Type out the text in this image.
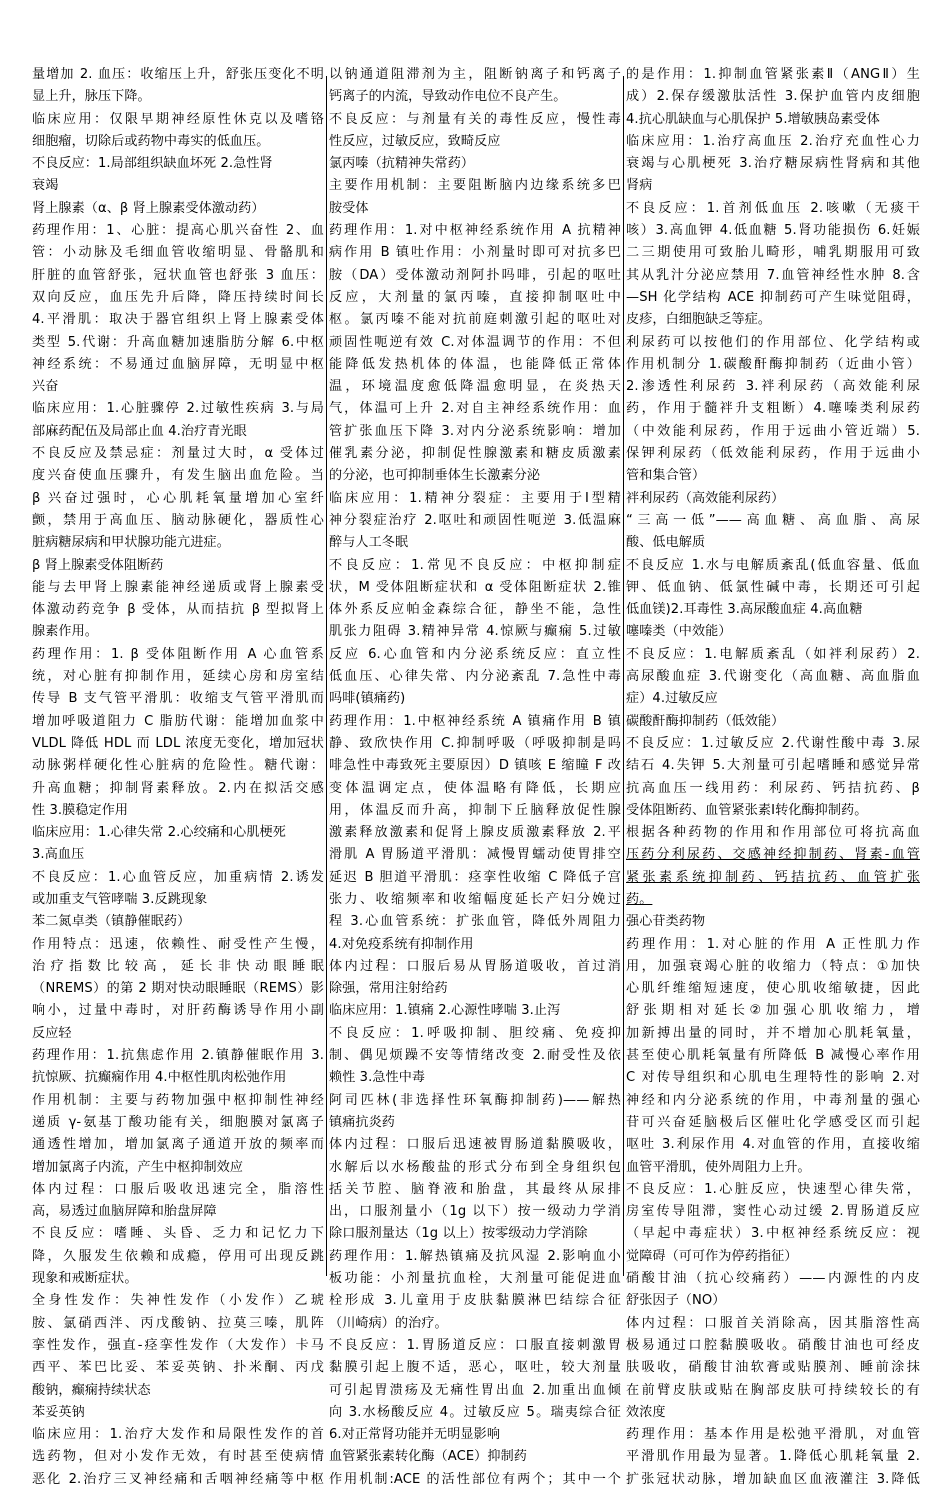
量增加 2. 血压：收缩压上升，舒张压变化不明
显上升，脉压下降。
临床应用：仅限早期神经原性休克以及嗜铬
细胞瘤，切除后或药物中毒实的低血压。
不良反应：1.局部组织缺血坏死 2.急性肾
衰竭
肾上腺素（α、β 肾上腺素受体激动药）
药理作用：1、心脏：提高心肌兴奋性 2、血
管：小动脉及毛细血管收缩明显、骨骼肌和
肝脏的血管舒张，冠状血管也舒张 3 血压：
双向反应，血压先升后降，降压持续时间长
4.平滑肌：取决于器官组织上肾上腺素受体
类型 5.代谢：升高血糖加速脂肪分解 6.中枢
神经系统：不易通过血脑屏障，无明显中枢
兴奋
临床应用：1.心脏骤停 2.过敏性疾病 3.与局
部麻药配伍及局部止血 4.治疗青光眼
不良反应及禁忌症：剂量过大时，α 受体过
度兴奋使血压骤升，有发生脑出血危险。当
β 兴奋过强时，心心肌耗氧量增加心室纤
颤，禁用于高血压、脑动脉硬化，器质性心
脏病糖尿病和甲状腺功能亢进症。
β 肾上腺素受体阻断药
能与去甲肾上腺素能神经递质或肾上腺素受
体激动药竞争 β 受体，从而拮抗 β 型拟肾上
腺素作用。
药理作用：1. β 受体阻断作用 A 心血管系
统，对心脏有抑制作用，延续心房和房室结
传导 B 支气管平滑肌：收缩支气管平滑肌而
增加呼吸道阻力 C 脂肪代谢：能增加血浆中
VLDL 降低 HDL 而 LDL 浓度无变化，增加冠状
动脉粥样硬化性心脏病的危险性。糖代谢：
升高血糖；抑制肾素释放。2.内在拟活交感
性 3.膜稳定作用
临床应用：1.心律失常 2.心绞痛和心肌梗死
3.高血压
不良反应：1.心血管反应，加重病情 2.诱发
或加重支气管哮喘 3.反跳现象
苯二氮卓类（镇静催眠药）
作用特点：迅速，依赖性、耐受性产生慢，
治疗指数比较高，延长非快动眼睡眠
（NREMS）的第 2 期对快动眼睡眠（REMS）影
响小，过量中毒时，对肝药酶诱导作用小副
反应轻
药理作用：1.抗焦虑作用 2.镇静催眠作用 3.
抗惊厥、抗癫痫作用 4.中枢性肌肉松弛作用
作用机制：主要与药物加强中枢抑制性神经
递质 γ-氨基丁酸功能有关，细胞膜对氯离子
通透性增加，增加氯离子通道开放的频率而
增加氯离子内流，产生中枢抑制效应
体内过程：口服后吸收迅速完全，脂溶性
高，易透过血脑屏障和胎盘屏障
不良反应：嗜睡、头昏、乏力和记忆力下
降，久服发生依赖和成瘾，停用可出现反跳
现象和戒断症状。
全身性发作：失神性发作（小发作）乙琥
胺、氯硝西泮、丙戊酸钠、拉莫三嗪，肌阵
挛性发作，强直-痉挛性发作（大发作）卡马
西平、苯巴比妥、苯妥英钠、扑米酮、丙戊
酸钠，癫痫持续状态
苯妥英钠
临床应用：1.治疗大发作和局限性发作的首
选药物，但对小发作无效，有时甚至使病情
恶化 2.治疗三叉神经痛和舌咽神经痛等中枢
以钠通道阻滞剂为主，阻断钠离子和钙离子
钙离子的内流，导致动作电位不良产生。
不良反应：与剂量有关的毒性反应，慢性毒
性反应，过敏反应，致畸反应
氯丙嗪（抗精神失常药）
主要作用机制：主要阻断脑内边缘系统多巴
胺受体
药理作用：1.对中枢神经系统作用 A 抗精神
病作用 B 镇吐作用：小剂量时即可对抗多巴
胺（DA）受体激动剂阿扑吗啡，引起的呕吐
反应，大剂量的氯丙嗪，直接抑制呕吐中
枢。氯丙嗪不能对抗前庭刺激引起的呕吐对
顽固性呃逆有效 C.对体温调节的作用：不但
能降低发热机体的体温，也能降低正常体
温，环境温度愈低降温愈明显，在炎热天
气，体温可上升 2.对自主神经系统作用：血
管扩张血压下降 3.对内分泌系统影响：增加
催乳素分泌，抑制促性腺激素和糖皮质激素
的分泌，也可抑制垂体生长激素分泌
临床应用：1.精神分裂症：主要用于Ⅰ型精
神分裂症治疗 2.呕吐和顽固性呃逆 3.低温麻
醉与人工冬眠
不良反应：1.常见不良反应：中枢抑制症
状，M 受体阻断症状和 α 受体阻断症状 2.锥
体外系反应帕金森综合征，静坐不能，急性
肌张力阻碍 3.精神异常 4.惊厥与癫痫 5.过敏
反应 6.心血管和内分泌系统反应：直立性
低血压、心律失常、内分泌紊乱 7.急性中毒
吗啡(镇痛药)
药理作用：1.中枢神经系统 A 镇痛作用 B 镇
静、致欣快作用 C.抑制呼吸（呼吸抑制是吗
啡急性中毒致死主要原因）D 镇咳 E 缩瞳 F 改
变体温调定点，使体温略有降低，长期应
用，体温反而升高，抑制下丘脑释放促性腺
激素释放激素和促肾上腺皮质激素释放 2.平
滑肌 A 胃肠道平滑肌：减慢胃蠕动使胃排空
延迟 B 胆道平滑肌：痉挛性收缩 C 降低子宫
张力、收缩频率和收缩幅度延长产妇分娩过
程 3.心血管系统：扩张血管，降低外周阻力
4.对免疫系统有抑制作用
体内过程：口服后易从胃肠道吸收，首过消
除强，常用注射给药
临床应用：1.镇痛 2.心源性哮喘 3.止泻
不良反应：1.呼吸抑制、胆绞痛、免疫抑
制、偶见烦躁不安等情绪改变 2.耐受性及依
赖性 3.急性中毒
阿司匹林(非选择性环氧酶抑制药)——解热
镇痛抗炎药
体内过程：口服后迅速被胃肠道黏膜吸收，
水解后以水杨酸盐的形式分布到全身组织包
括关节腔、脑脊液和胎盘，其最终从尿排
出，口服剂量小（1g 以下）按一级动力学消
除口服剂量达（1g 以上）按零级动力学消除
药理作用：1.解热镇痛及抗风湿 2.影响血小
板功能：小剂量抗血栓，大剂量可能促进血
栓形成 3.儿童用于皮肤黏膜淋巴结综合征
（川崎病）的治疗。
不良反应：1.胃肠道反应：口服直接刺激胃
黏膜引起上腹不适，恶心，呕吐，较大剂量
可引起胃溃疡及无痛性胃出血 2.加重出血倾
向 3.水杨酸反应 4。过敏反应 5。瑞夷综合征
6.对正常肾功能并无明显影响
血管紧张素转化酶（ACE）抑制药
作用机制:ACE 的活性部位有两个；其中一个
的是作用：1.抑制血管紧张素Ⅱ（ANGⅡ）生
成）2.保存缓激肽活性 3.保护血管内皮细胞
4.抗心肌缺血与心肌保护 5.增敏胰岛素受体
临床应用：1.治疗高血压 2.治疗充血性心力
衰竭与心肌梗死 3.治疗糖尿病性肾病和其他
肾病
不良反应：1.首剂低血压 2.咳嗽（无痰干
咳）3.高血钾 4.低血糖 5.肾功能损伤 6.妊娠
二三期使用可致胎儿畸形，哺乳期服用可致
其从乳汁分泌应禁用 7.血管神经性水肿 8.含
—SH 化学结构 ACE 抑制药可产生味觉阻碍，
皮疹，白细胞缺乏等症。
利尿药可以按他们的作用部位、化学结构或
作用机制分 1.碳酸酐酶抑制药（近曲小管）
2.渗透性利尿药 3.袢利尿药（高效能利尿
药，作用于髓袢升支粗断）4.噻嗪类利尿药
（中效能利尿药，作用于远曲小管近端）5.
保钾利尿药（低效能利尿药，作用于远曲小
管和集合管）
袢利尿药（高效能利尿药）
“三高一低”——高血糖、高血脂、高尿
酸、低电解质
不良反应 1.水与电解质紊乱(低血容量、低血
钾、低血钠、低氯性碱中毒，长期还可引起
低血镁)2.耳毒性 3.高尿酸血症 4.高血糖
噻嗪类（中效能）
不良反应：1.电解质紊乱（如袢利尿药）2.
高尿酸血症 3.代谢变化（高血糖、高血脂血
症）4.过敏反应
碳酸酐酶抑制药（低效能）
不良反应：1.过敏反应 2.代谢性酸中毒 3.尿
结石 4.失钾 5.大剂量可引起嗜睡和感觉异常
抗高血压一线用药：利尿药、钙拮抗药、β
受体阻断药、血管紧张素Ⅰ转化酶抑制药。
根据各种药物的作用和作用部位可将抗高血
压药分利尿药、交感神经抑制药、肾素-血管
紧张素系统抑制药、钙拮抗药、血管扩张
药。
强心苷类药物
药理作用：1.对心脏的作用 A 正性肌力作
用，加强衰竭心脏的收缩力（特点：①加快
心肌纤维缩短速度，使心肌收缩敏捷，因此
舒张期相对延长②加强心肌收缩力，增
加新搏出量的同时，并不增加心肌耗氧量，
甚至使心肌耗氧量有所降低 B 减慢心率作用
C 对传导组织和心肌电生理特性的影响 2.对
神经和内分泌系统的作用，中毒剂量的强心
苷可兴奋延脑极后区催吐化学感受区而引起
呕吐 3.利尿作用 4.对血管的作用，直接收缩
血管平滑肌，使外周阻力上升。
不良反应：1.心脏反应，快速型心律失常，
房室传导阻滞，窦性心动过缓 2.胃肠道反应
（早起中毒症状）3.中枢神经系统反应：视
觉障碍（可可作为停药指征）
硝酸甘油（抗心绞痛药）——内源性的内皮
舒张因子（NO）
体内过程：口服首关消除高，因其脂溶性高
极易通过口腔黏膜吸收。硝酸甘油也可经皮
肤吸收，硝酸甘油软膏或贴膜剂、睡前涂抹
在前臂皮肤或贴在胸部皮肤可持续较长的有
效浓度
药理作用：基本作用是松弛平滑肌，对血管
平滑肌作用最为显著。1.降低心肌耗氧量 2.
扩张冠状动脉，增加缺血区血液灌注 3.降低
